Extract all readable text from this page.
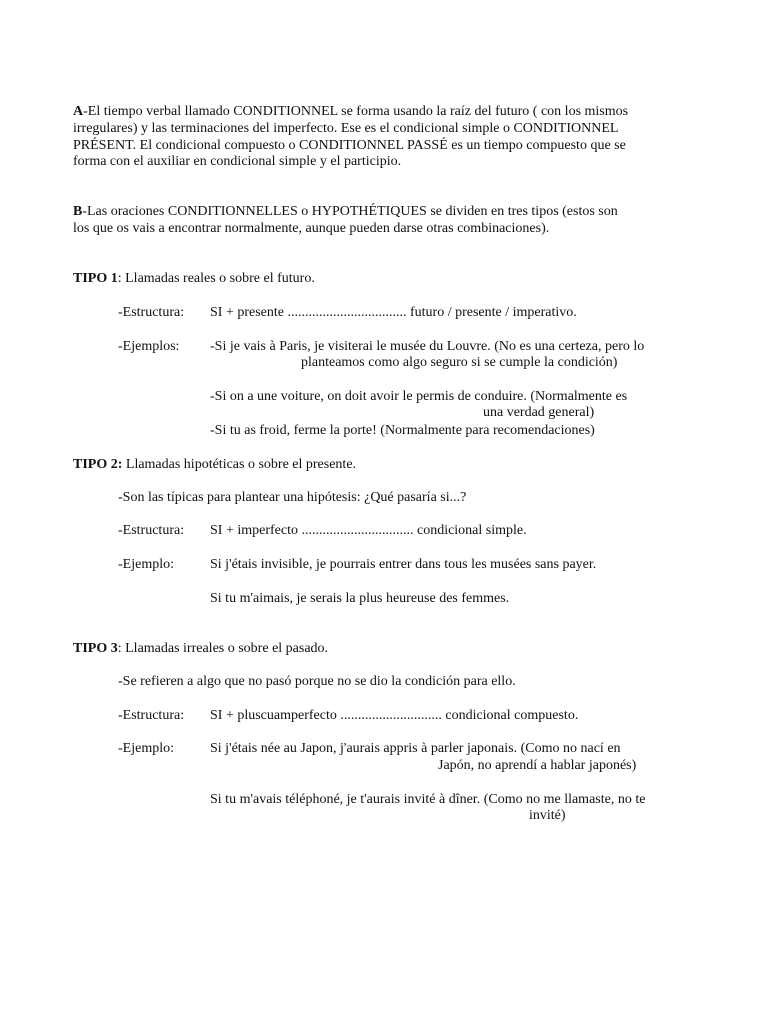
A-El tiempo verbal llamado CONDITIONNEL se forma usando la raíz del futuro ( con los mismos
irregulares) y las terminaciones del imperfecto. Ese es el condicional simple o CONDITIONNEL
PRÉSENT. El condicional compuesto o CONDITIONNEL PASSÉ es un tiempo compuesto que se
forma con el auxiliar en condicional simple y el participio.
B-Las oraciones CONDITIONNELLES o HYPOTHÉTIQUES se dividen en tres tipos (estos son
los que os vais a encontrar normalmente, aunque pueden darse otras combinaciones).
TIPO 1: Llamadas reales o sobre el futuro.
-Estructura: SI + presente .................................. futuro / presente / imperativo.
-Ejemplos: -Si je vais à Paris, je visiterai le musée du Louvre. (No es una certeza, pero lo
planteamos como algo seguro si se cumple la condición)
-Si on a une voiture, on doit avoir le permis de conduire. (Normalmente es
una verdad general)
-Si tu as froid, ferme la porte! (Normalmente para recomendaciones)
TIPO 2: Llamadas hipotéticas o sobre el presente.
-Son las típicas para plantear una hipótesis: ¿Qué pasaría si...?
-Estructura: SI + imperfecto ................................ condicional simple.
-Ejemplo:	Si j'étais invisible, je pourrais entrer dans tous les musées sans payer.
Si tu m'aimais, je serais la plus heureuse des femmes.
TIPO 3: Llamadas irreales o sobre el pasado.
-Se refieren a algo que no pasó porque no se dio la condición para ello.
-Estructura: SI + pluscuamperfecto ............................. condicional compuesto.
-Ejemplo:	Si j'étais née au Japon, j'aurais appris à parler japonais. (Como no nací en
Japón, no aprendí a hablar japonés)
Si tu m'avais téléphoné, je t'aurais invité à dîner. (Como no me llamaste, no te
invité)
